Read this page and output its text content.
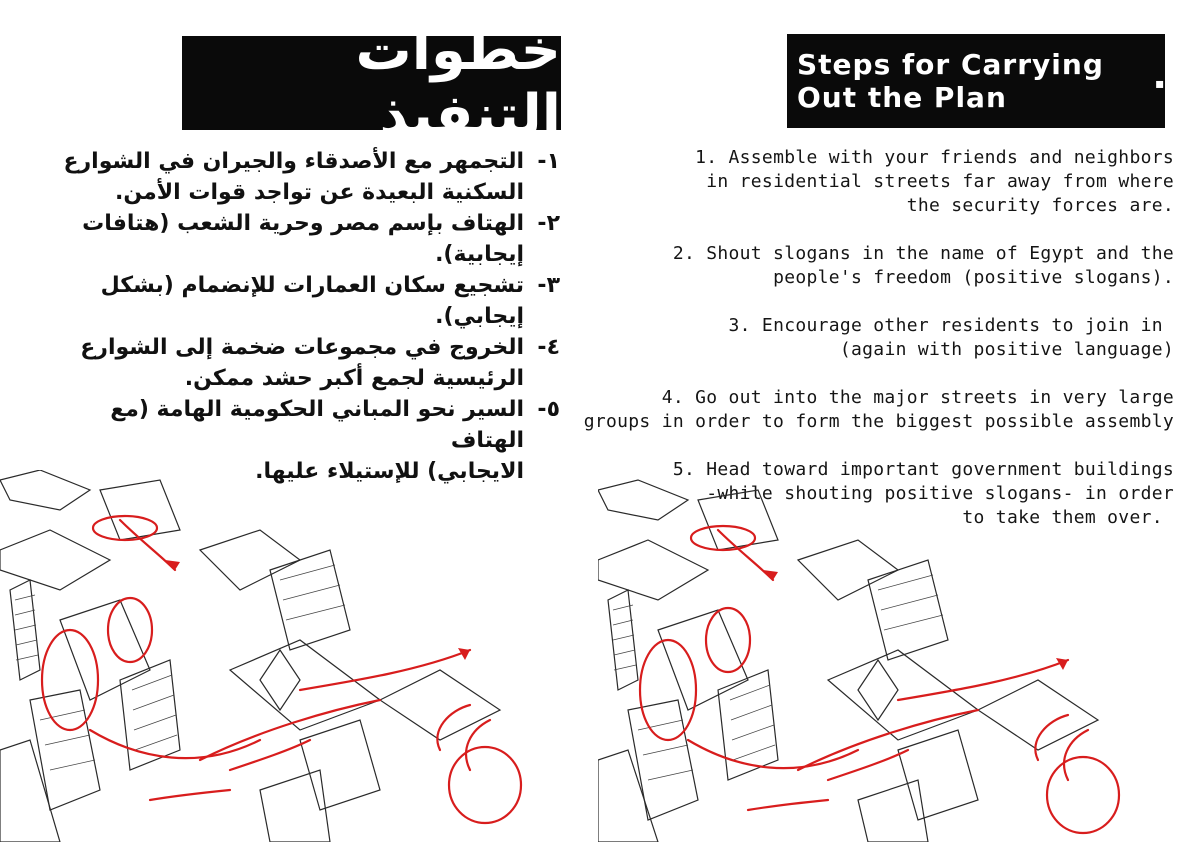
خطوات التنفيذ
Steps for Carrying
Out the Plan	▪
١-
التجمهر مع الأصدقاء والجيران في الشوارع
السكنية البعيدة عن تواجد قوات الأمن.
٢-
الهتاف بإسم مصر وحرية الشعب (هتافات
إيجابية).
٣-
تشجيع سكان العمارات للإنضمام (بشكل
إيجابي).
٤-
الخروج في مجموعات ضخمة إلى الشوارع
الرئيسية لجمع أكبر حشد ممكن.
٥-
السير نحو المباني الحكومية الهامة (مع الهتاف
الايجابي) للإستيلاء عليها.
1. Assemble with your friends and neighbors
in residential streets far away from where
the security forces are.
2. Shout slogans in the name of Egypt and the
people's freedom (positive slogans).
3. Encourage other residents to join in
(again with positive language)
4. Go out into the major streets in very large
groups in order to form the biggest possible assembly
5. Head toward important government buildings
-while shouting positive slogans- in order
to take them over.
